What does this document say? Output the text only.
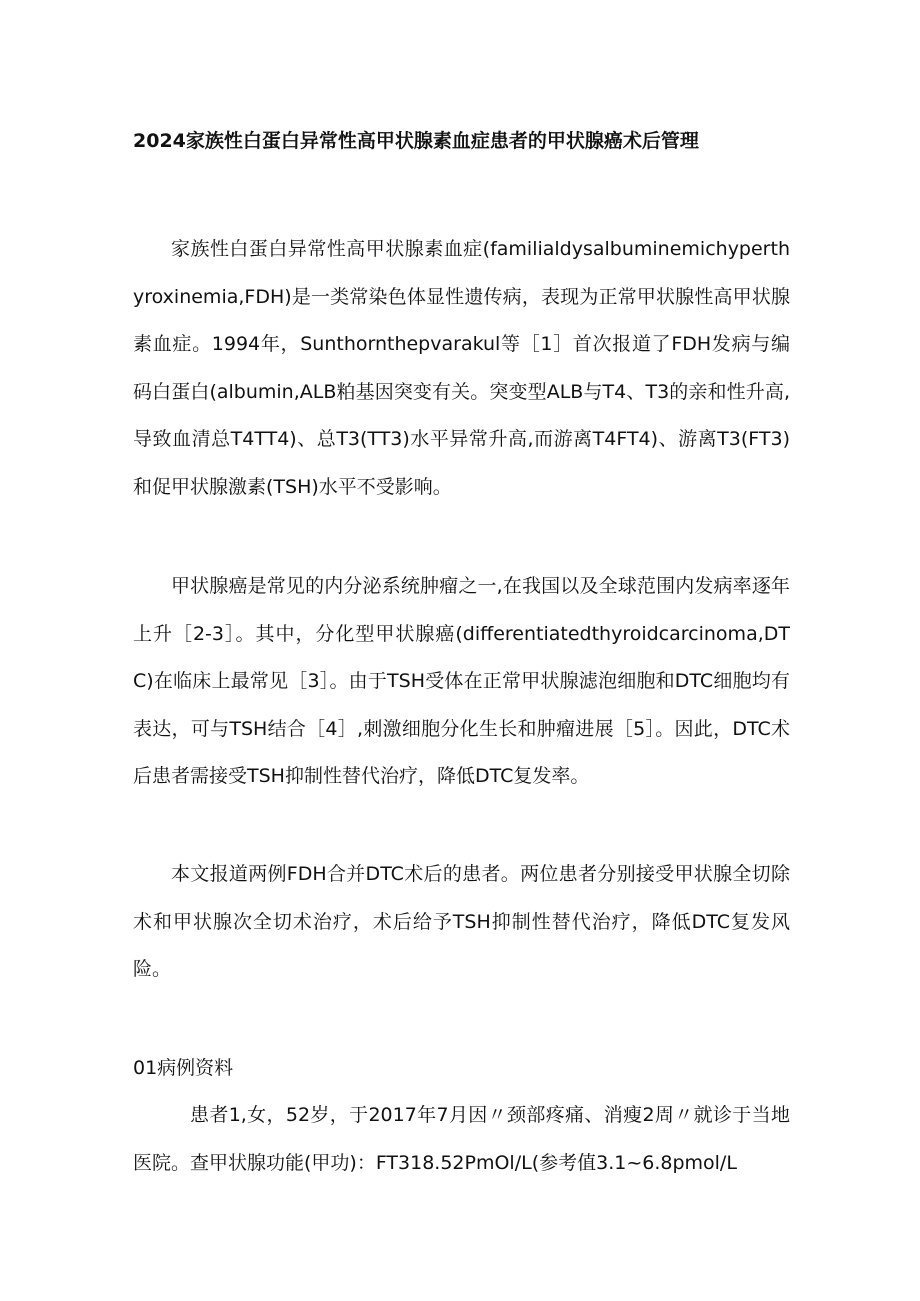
2024家族性白蛋白异常性高甲状腺素血症患者的甲状腺癌术后管理
家族性白蛋白异常性高甲状腺素血症(familialdysalbuminemichyperthyroxinemia,FDH)是一类常染色体显性遗传病，表现为正常甲状腺性高甲状腺素血症。1994年，Sunthornthepvarakul等［1］首次报道了FDH发病与编码白蛋白(albumin,ALB粕基因突变有关。突变型ALB与T4、T3的亲和性升高,导致血清总T4TT4)、总T3(TT3)水平异常升高,而游离T4FT4)、游离T3(FT3)和促甲状腺激素(TSH)水平不受影响。
甲状腺癌是常见的内分泌系统肿瘤之一,在我国以及全球范围内发病率逐年上升［2-3］。其中，分化型甲状腺癌(differentiatedthyroidcarcinoma,DTC)在临床上最常见［3］。由于TSH受体在正常甲状腺滤泡细胞和DTC细胞均有表达，可与TSH结合［4］,刺激细胞分化生长和肿瘤进展［5］。因此，DTC术后患者需接受TSH抑制性替代治疗，降低DTC复发率。
本文报道两例FDH合并DTC术后的患者。两位患者分别接受甲状腺全切除术和甲状腺次全切术治疗，术后给予TSH抑制性替代治疗，降低DTC复发风险。
01病例资料
患者1,女，52岁，于2017年7月因〃颈部疼痛、消瘦2周〃就诊于当地医院。查甲状腺功能(甲功)：FT318.52PmOl/L(参考值3.1~6.8pmol/L
